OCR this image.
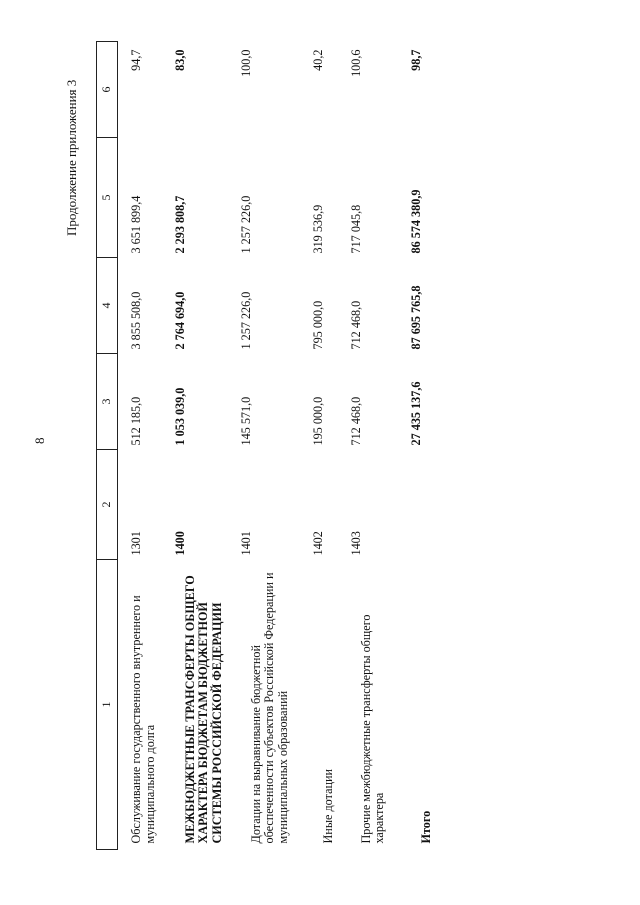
8
Продолжение приложения 3
1	2	3	4	5	6
Обслуживание государственного внутреннего и муниципального долга	1301	512 185,0	3 855 508,0	3 651 899,4	94,7
МЕЖБЮДЖЕТНЫЕ ТРАНСФЕРТЫ ОБЩЕГО ХАРАКТЕРА БЮДЖЕТАМ БЮДЖЕТНОЙ СИСТЕМЫ РОССИЙСКОЙ ФЕДЕРАЦИИ	1400	1 053 039,0	2 764 694,0	2 293 808,7	83,0
Дотации на выравнивание бюджетной обеспеченности субъектов Российской Федерации и муниципальных образований	1401	145 571,0	1 257 226,0	1 257 226,0	100,0
Иные дотации	1402	195 000,0	795 000,0	319 536,9	40,2
Прочие межбюджетные трансферты общего характера	1403	712 468,0	712 468,0	717 045,8	100,6
Итого		27 435 137,6	87 695 765,8	86 574 380,9	98,7
